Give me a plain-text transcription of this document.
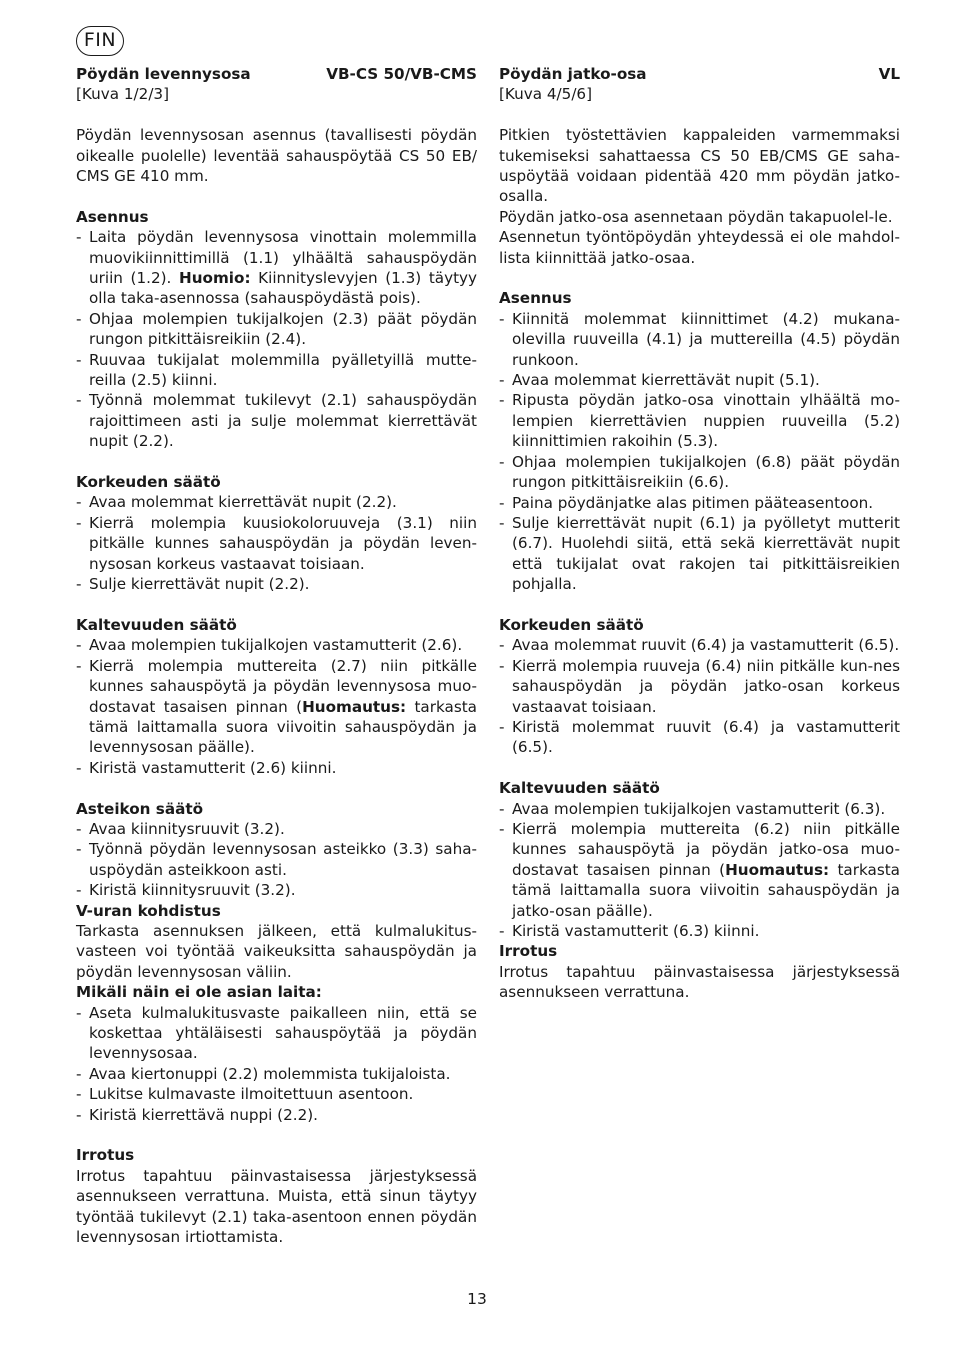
FIN
Pöydän levennysosa	VB-CS 50/VB-CMS
[Kuva 1/2/3]
Pöydän levennysosan asennus (tavallisesti pöydän oikealle puolelle) leventää sahauspöytää CS 50 EB/ CMS GE 410 mm.
Asennus
- Laita pöydän levennysosa vinottain molemmilla muovikiinnittimillä (1.1) ylhäältä sahauspöydän uriin (1.2). Huomio: Kiinnityslevyjen (1.3) täytyy olla taka-asennossa (sahauspöydästä pois).
- Ohjaa molempien tukijalkojen (2.3) päät pöydän rungon pitkittäisreikiin (2.4).
- Ruuvaa tukijalat molemmilla pyälletyillä mutte-reilla (2.5) kiinni.
- Työnnä molemmat tukilevyt (2.1) sahauspöydän rajoittimeen asti ja sulje molemmat kierrettävät nupit (2.2).
Korkeuden säätö
- Avaa molemmat kierrettävät nupit (2.2).
- Kierrä molempia kuusiokoloruuveja (3.1) niin pitkälle kunnes sahauspöydän ja pöydän leven-nysosan korkeus vastaavat toisiaan.
- Sulje kierrettävät nupit (2.2).
Kaltevuuden säätö
- Avaa molempien tukijalkojen vastamutterit (2.6).
- Kierrä molempia muttereita (2.7) niin pitkälle kunnes sahauspöytä ja pöydän levennysosa muo-dostavat tasaisen pinnan (Huomautus: tarkasta tämä laittamalla suora viivoitin sahauspöydän ja levennysosan päälle).
- Kiristä vastamutterit (2.6) kiinni.
Asteikon säätö
- Avaa kiinnitysruuvit (3.2).
- Työnnä pöydän levennysosan asteikko (3.3) saha-uspöydän asteikkoon asti.
- Kiristä kiinnitysruuvit (3.2).
V-uran kohdistus
Tarkasta asennuksen jälkeen, että kulmalukitus-vasteen voi työntää vaikeuksitta sahauspöydän ja pöydän levennysosan väliin.
Mikäli näin ei ole asian laita:
- Aseta kulmalukitusvaste paikalleen niin, että se koskettaa yhtäläisesti sahauspöytää ja pöydän levennysosaa.
- Avaa kiertonuppi (2.2) molemmista tukijaloista.
- Lukitse kulmavaste ilmoitettuun asentoon.
- Kiristä kierrettävä nuppi (2.2).
Irrotus
Irrotus tapahtuu päinvastaisessa järjestyksessä asennukseen verrattuna. Muista, että sinun täytyy työntää tukilevyt (2.1) taka-asentoon ennen pöydän levennysosan irtiottamista.
Pöydän jatko-osa	VL
[Kuva 4/5/6]
Pitkien työstettävien kappaleiden varmemmaksi tukemiseksi sahattaessa CS 50 EB/CMS GE saha-uspöytää voidaan pidentää 420 mm pöydän jatko-osalla.
Pöydän jatko-osa asennetaan pöydän takapuolel-le.
Asennetun työntöpöydän yhteydessä ei ole mahdol-lista kiinnittää jatko-osaa.
Asennus
- Kiinnitä molemmat kiinnittimet (4.2) mukana-olevilla ruuveilla (4.1) ja muttereilla (4.5) pöydän runkoon.
- Avaa molemmat kierrettävät nupit (5.1).
- Ripusta pöydän jatko-osa vinottain ylhäältä mo-lempien kierrettävien nuppien ruuveilla (5.2) kiinnittimien rakoihin (5.3).
- Ohjaa molempien tukijalkojen (6.8) päät pöydän rungon pitkittäisreikiin (6.6).
- Paina pöydänjatke alas pitimen pääteasentoon.
- Sulje kierrettävät nupit (6.1) ja pyölletyt mutterit (6.7). Huolehdi siitä, että sekä kierrettävät nupit että tukijalat ovat rakojen tai pitkittäisreikien pohjalla.
Korkeuden säätö
- Avaa molemmat ruuvit (6.4) ja vastamutterit (6.5).
- Kierrä molempia ruuveja (6.4) niin pitkälle kun-nes sahauspöydän ja pöydän jatko-osan korkeus vastaavat toisiaan.
- Kiristä molemmat ruuvit (6.4) ja vastamutterit (6.5).
Kaltevuuden säätö
- Avaa molempien tukijalkojen vastamutterit (6.3).
- Kierrä molempia muttereita (6.2) niin pitkälle kunnes sahauspöytä ja pöydän jatko-osa muo-dostavat tasaisen pinnan (Huomautus: tarkasta tämä laittamalla suora viivoitin sahauspöydän ja jatko-osan päälle).
- Kiristä vastamutterit (6.3) kiinni.
Irrotus
Irrotus tapahtuu päinvastaisessa järjestyksessä asennukseen verrattuna.
13
